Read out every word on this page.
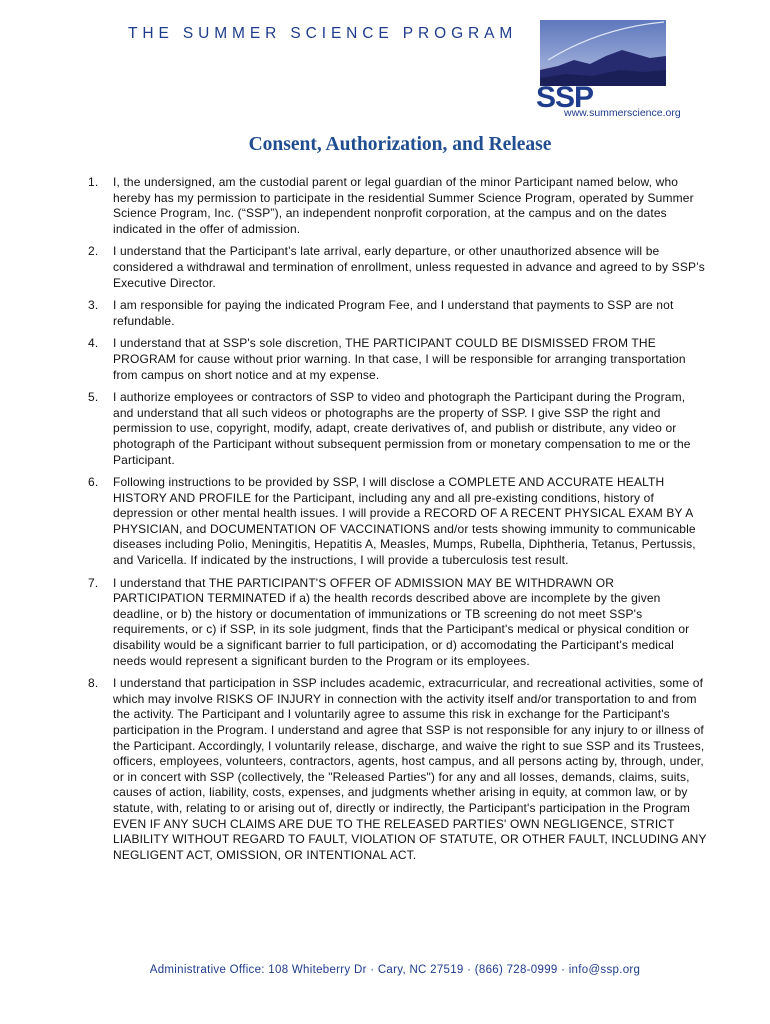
THE SUMMER SCIENCE PROGRAM
SSP
www.summerscience.org
Consent, Authorization, and Release
1.	I, the undersigned, am the custodial parent or legal guardian of the minor Participant named below, who hereby has my permission to participate in the residential Summer Science Program, operated by Summer Science Program, Inc. (“SSP”), an independent nonprofit corporation, at the campus and on the dates indicated in the offer of admission.
2.	I understand that the Participant’s late arrival, early departure, or other unauthorized absence will be considered a withdrawal and termination of enrollment, unless requested in advance and agreed to by SSP’s Executive Director.
3.	I am responsible for paying the indicated Program Fee, and I understand that payments to SSP are not refundable.
4.	I understand that at SSP's sole discretion, THE PARTICIPANT COULD BE DISMISSED FROM THE PROGRAM for cause without prior warning. In that case, I will be responsible for arranging transportation from campus on short notice and at my expense.
5.	I authorize employees or contractors of SSP to video and photograph the Participant during the Program, and understand that all such videos or photographs are the property of SSP. I give SSP the right and permission to use, copyright, modify, adapt, create derivatives of, and publish or distribute, any video or photograph of the Participant without subsequent permission from or monetary compensation to me or the Participant.
6.	Following instructions to be provided by SSP, I will disclose a COMPLETE AND ACCURATE HEALTH HISTORY AND PROFILE for the Participant, including any and all pre-existing conditions, history of depression or other mental health issues. I will provide a RECORD OF A RECENT PHYSICAL EXAM BY A PHYSICIAN, and DOCUMENTATION OF VACCINATIONS and/or tests showing immunity to communicable diseases including Polio, Meningitis, Hepatitis A, Measles, Mumps, Rubella, Diphtheria, Tetanus, Pertussis, and Varicella. If indicated by the instructions, I will provide a tuberculosis test result.
7.	I understand that THE PARTICIPANT'S OFFER OF ADMISSION MAY BE WITHDRAWN OR PARTICIPATION TERMINATED if a) the health records described above are incomplete by the given deadline, or b) the history or documentation of immunizations or TB screening do not meet SSP's requirements, or c) if SSP, in its sole judgment, finds that the Participant's medical or physical condition or disability would be a significant barrier to full participation, or d) accomodating the Participant's medical needs would represent a significant burden to the Program or its employees.
8.	I understand that participation in SSP includes academic, extracurricular, and recreational activities, some of which may involve RISKS OF INJURY in connection with the activity itself and/or transportation to and from the activity. The Participant and I voluntarily agree to assume this risk in exchange for the Participant's participation in the Program. I understand and agree that SSP is not responsible for any injury to or illness of the Participant. Accordingly, I voluntarily release, discharge, and waive the right to sue SSP and its Trustees, officers, employees, volunteers, contractors, agents, host campus, and all persons acting by, through, under, or in concert with SSP (collectively, the "Released Parties") for any and all losses, demands, claims, suits, causes of action, liability, costs, expenses, and judgments whether arising in equity, at common law, or by statute, with, relating to or arising out of, directly or indirectly, the Participant's participation in the Program EVEN IF ANY SUCH CLAIMS ARE DUE TO THE RELEASED PARTIES' OWN NEGLIGENCE, STRICT LIABILITY WITHOUT REGARD TO FAULT, VIOLATION OF STATUTE, OR OTHER FAULT, INCLUDING ANY NEGLIGENT ACT, OMISSION, OR INTENTIONAL ACT.
Administrative Office: 108 Whiteberry Dr · Cary, NC 27519 · (866) 728-0999 · info@ssp.org
